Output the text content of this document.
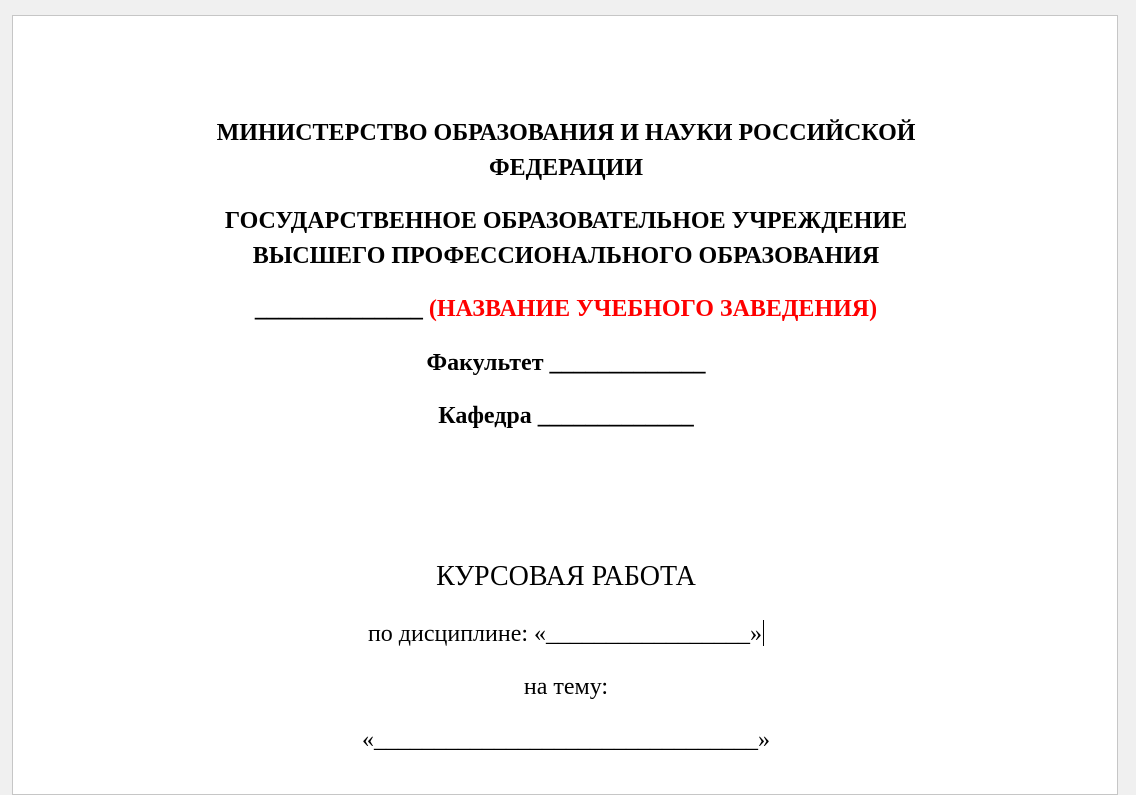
МИНИСТЕРСТВО ОБРАЗОВАНИЯ И НАУКИ РОССИЙСКОЙ

ФЕДЕРАЦИИ

ГОСУДАРСТВЕННОЕ ОБРАЗОВАТЕЛЬНОЕ УЧРЕЖДЕНИЕ

ВЫСШЕГО ПРОФЕССИОНАЛЬНОГО ОБРАЗОВАНИЯ

______________ (НАЗВАНИЕ УЧЕБНОГО ЗАВЕДЕНИЯ)

Факультет _____________

Кафедра _____________

КУРСОВАЯ РАБОТА

по дисциплине: «_________________»

на тему:

«________________________________»
